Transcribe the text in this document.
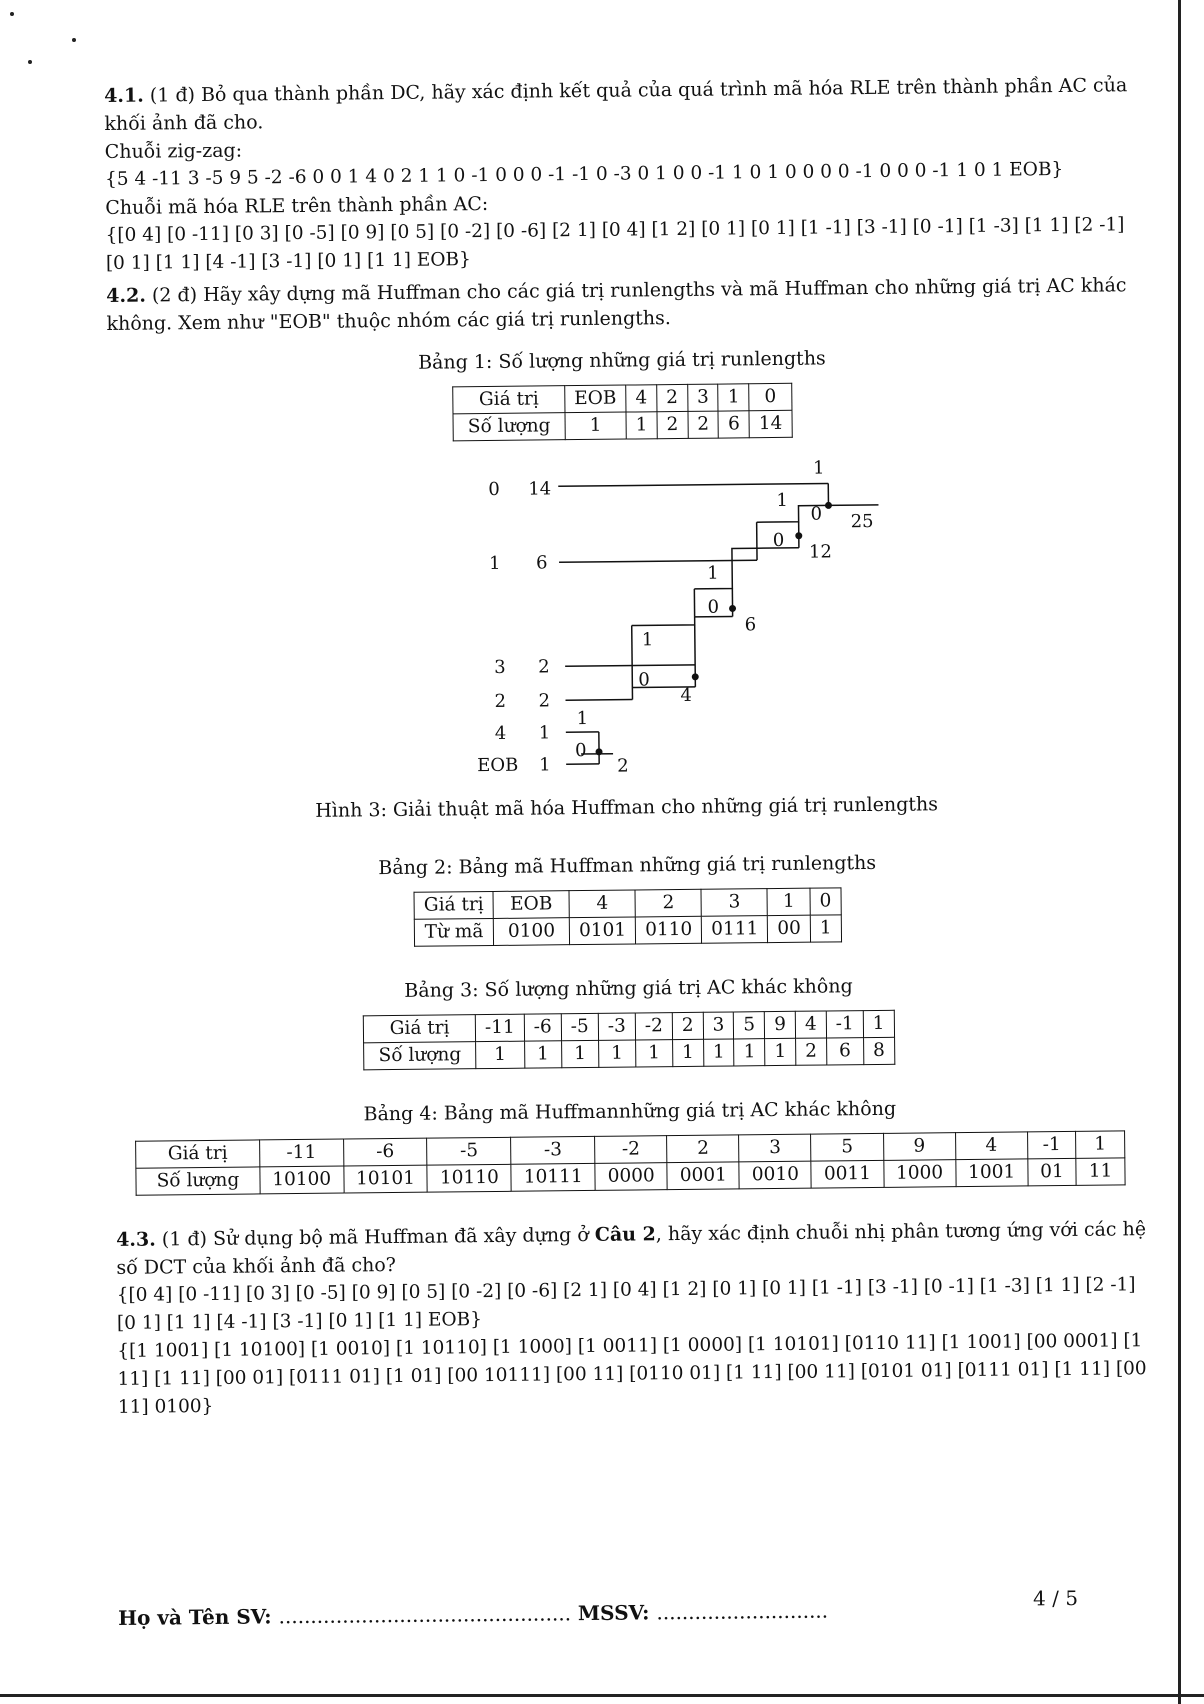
4.1. (1 đ) Bỏ qua thành phần DC, hãy xác định kết quả của quá trình mã hóa RLE trên thành phần AC của khối ảnh đã cho.

Chuỗi zig-zag:

{5 4 -11 3 -5 9 5 -2 -6 0 0 1 4 0 2 1 1 0 -1 0 0 0 -1 -1 0 -3 0 1 0 0 -1 1 0 1 0 0 0 0 -1 0 0 0 -1 1 0 1 EOB}

Chuỗi mã hóa RLE trên thành phần AC:

{[0 4] [0 -11] [0 3] [0 -5] [0 9] [0 5] [0 -2] [0 -6] [2 1] [0 4] [1 2] [0 1] [0 1] [1 -1] [3 -1] [0 -1] [1 -3] [1 1] [2 -1] [0 1] [1 1] [4 -1] [3 -1] [0 1] [1 1] EOB}

4.2. (2 đ) Hãy xây dựng mã Huffman cho các giá trị runlengths và mã Huffman cho những giá trị AC khác không. Xem như "EOB" thuộc nhóm các giá trị runlengths.

Bảng 1: Số lượng những giá trị runlengths
Giá trị	EOB	4	2	3	1	0
Số lượng	1	1	2	2	6	14
0 14
1 6
3 2
2 2
4 1
EOB 1
25
12
6
4
2
1
0
1
0
1
0
1
0
1
0
Hình 3: Giải thuật mã hóa Huffman cho những giá trị runlengths
Bảng 2: Bảng mã Huffman những giá trị runlengths
Giá trị	EOB	4	2	3	1	0
Từ mã	0100	0101	0110	0111	00	1
Bảng 3: Số lượng những giá trị AC khác không
Giá trị	-11	-6	-5	-3	-2	2	3	5	9	4	-1	1
Số lượng	1	1	1	1	1	1	1	1	1	2	6	8
Bảng 4: Bảng mã Huffmannhững giá trị AC khác không
Giá trị	-11	-6	-5	-3	-2	2	3	5	9	4	-1	1
Số lượng	10100	10101	10110	10111	0000	0001	0010	0011	1000	1001	01	11

4.3. (1 đ) Sử dụng bộ mã Huffman đã xây dựng ở Câu 2, hãy xác định chuỗi nhị phân tương ứng với các hệ số DCT của khối ảnh đã cho?

{[0 4] [0 -11] [0 3] [0 -5] [0 9] [0 5] [0 -2] [0 -6] [2 1] [0 4] [1 2] [0 1] [0 1] [1 -1] [3 -1] [0 -1] [1 -3] [1 1] [2 -1] [0 1] [1 1] [4 -1] [3 -1] [0 1] [1 1] EOB}

{[1 1001] [1 10100] [1 0010] [1 10110] [1 1000] [1 0011] [1 0000] [1 10101] [0110 11] [1 1001] [00 0001] [1 11] [1 11] [00 01] [0111 01] [1 01] [00 10111] [00 11] [0110 01] [1 11] [00 11] [0101 01] [0111 01] [1 11] [00 11] 0100}

Họ và Tên SV: .............................................. MSSV: ...........................
4 / 5
